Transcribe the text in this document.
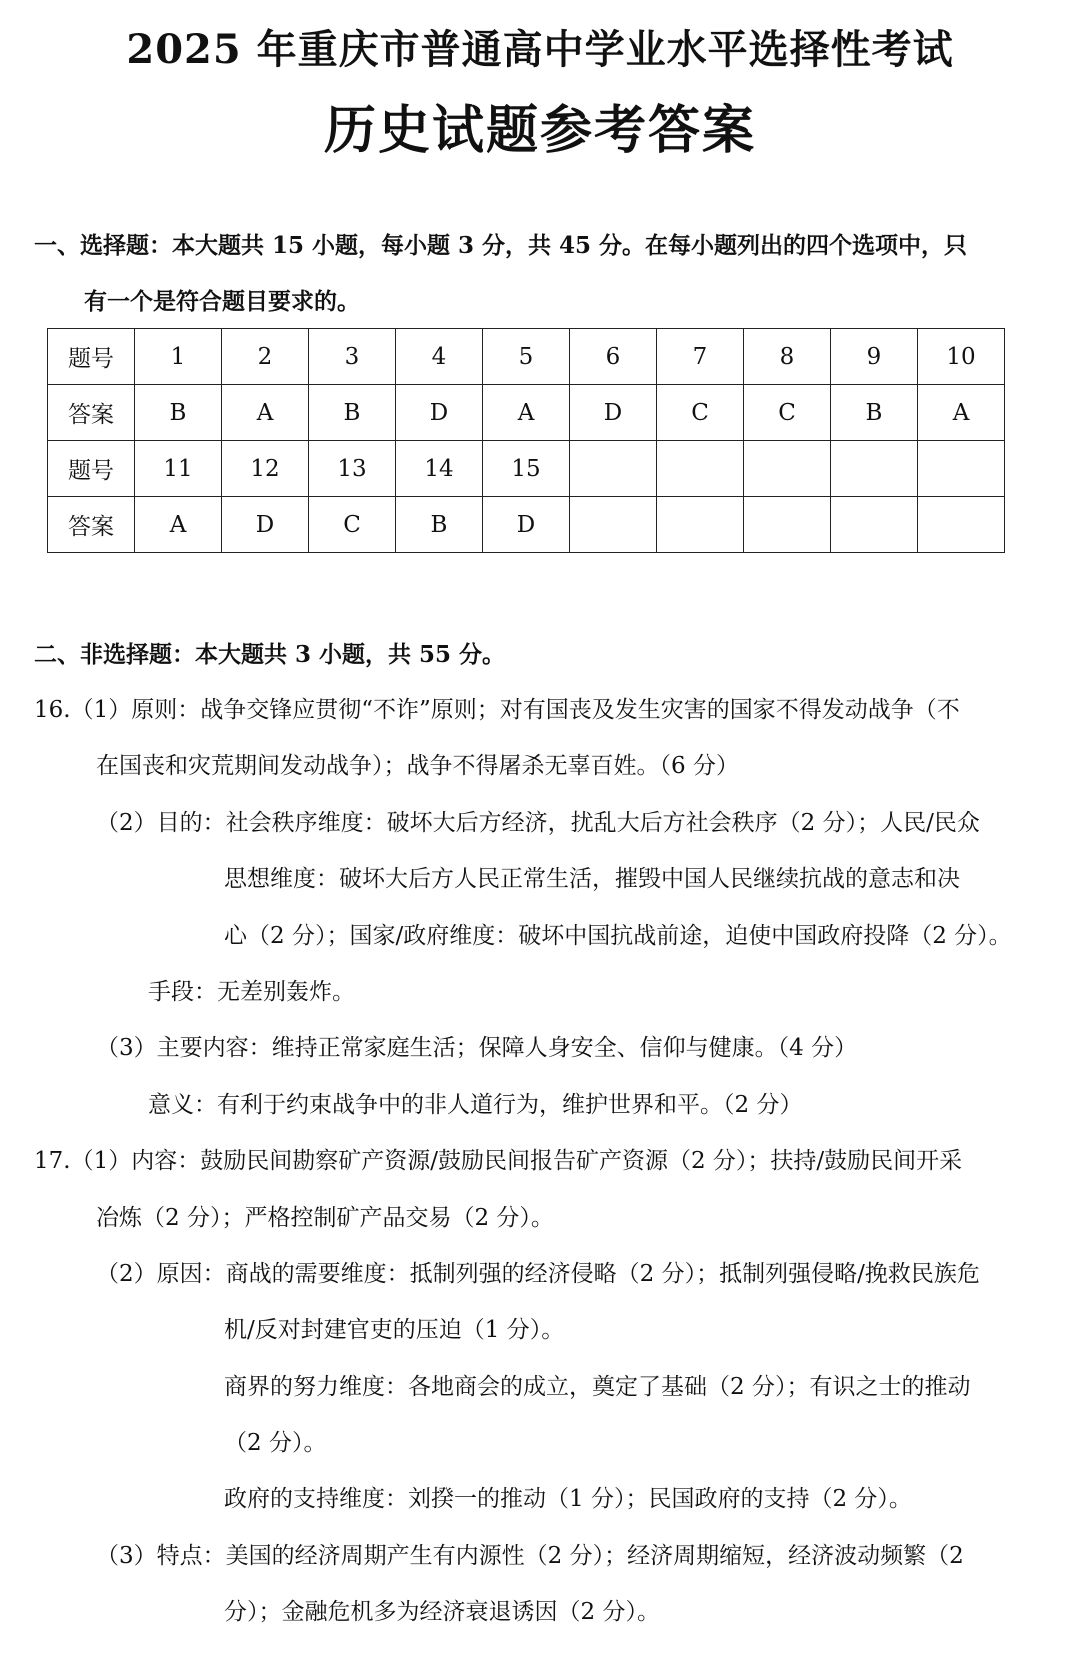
2025 年重庆市普通高中学业水平选择性考试
历史试题参考答案
一、选择题：本大题共 15 小题，每小题 3 分，共 45 分。在每小题列出的四个选项中，只
有一个是符合题目要求的。
题号	1	2	3	4	5	6	7	8	9	10
答案	B	A	B	D	A	D	C	C	B	A
题号	11	12	13	14	15					
答案	A	D	C	B	D					
二、非选择题：本大题共 3 小题，共 55 分。
16.（1）原则：战争交锋应贯彻“不诈”原则；对有国丧及发生灾害的国家不得发动战争（不
在国丧和灾荒期间发动战争）；战争不得屠杀无辜百姓。（6 分）
（2）目的：社会秩序维度：破坏大后方经济，扰乱大后方社会秩序（2 分）；人民/民众
思想维度：破坏大后方人民正常生活，摧毁中国人民继续抗战的意志和决
心（2 分）；国家/政府维度：破坏中国抗战前途，迫使中国政府投降（2 分）。
手段：无差别轰炸。
（3）主要内容：维持正常家庭生活；保障人身安全、信仰与健康。（4 分）
意义：有利于约束战争中的非人道行为，维护世界和平。（2 分）
17.（1）内容：鼓励民间勘察矿产资源/鼓励民间报告矿产资源（2 分）；扶持/鼓励民间开采
冶炼（2 分）；严格控制矿产品交易（2 分）。
（2）原因：商战的需要维度：抵制列强的经济侵略（2 分）；抵制列强侵略/挽救民族危
机/反对封建官吏的压迫（1 分）。
商界的努力维度：各地商会的成立，奠定了基础（2 分）；有识之士的推动
（2 分）。
政府的支持维度：刘揆一的推动（1 分）；民国政府的支持（2 分）。
（3）特点：美国的经济周期产生有内源性（2 分）；经济周期缩短，经济波动频繁（2
分）；金融危机多为经济衰退诱因（2 分）。
